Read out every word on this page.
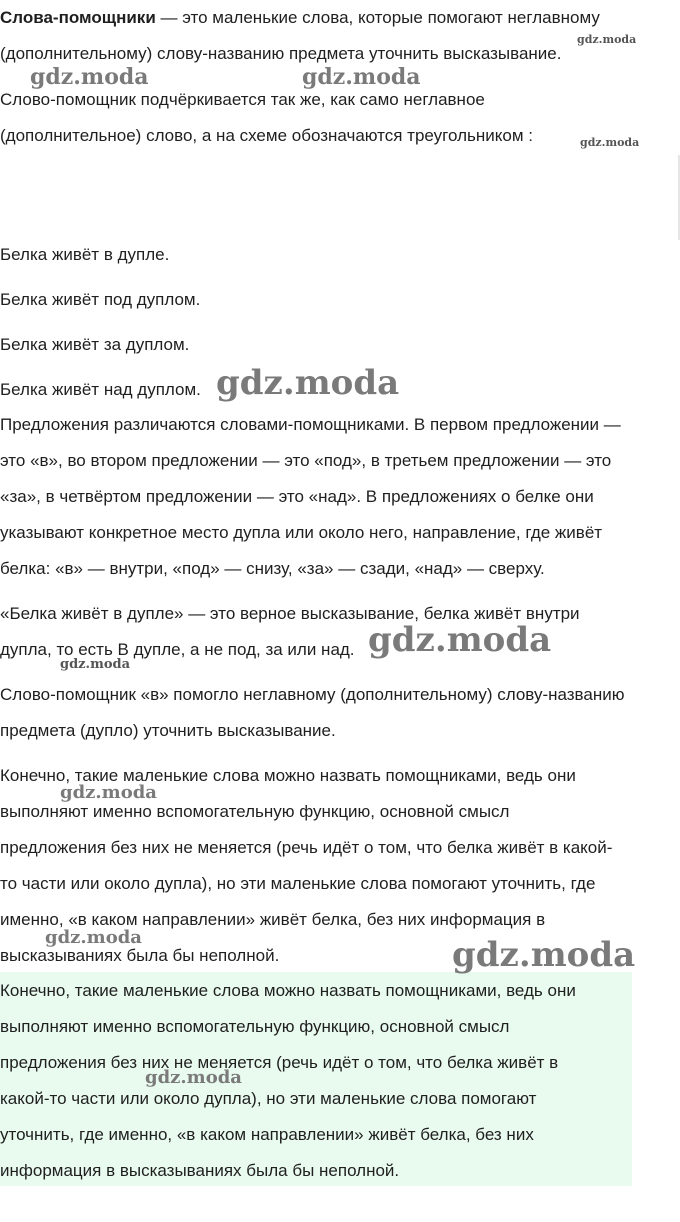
Слова-помощники — это маленькие слова, которые помогают неглавному
(дополнительному) слову-названию предмета уточнить высказывание.
Слово-помощник подчёркивается так же, как само неглавное
(дополнительное) слово, а на схеме обозначаются треугольником :
Белка живёт в дупле.
Белка живёт под дуплом.
Белка живёт за дуплом.
Белка живёт над дуплом.
Предложения различаются словами-помощниками. В первом предложении —
это «в», во втором предложении — это «под», в третьем предложении — это
«за», в четвёртом предложении — это «над». В предложениях о белке они
указывают конкретное место дупла или около него, направление, где живёт
белка: «в» — внутри, «под» — снизу, «за» — сзади, «над» — сверху.
«Белка живёт в дупле» — это верное высказывание, белка живёт внутри
дупла, то есть В дупле, а не под, за или над.
Слово-помощник «в» помогло неглавному (дополнительному) слову-названию
предмета (дупло) уточнить высказывание.
Конечно, такие маленькие слова можно назвать помощниками, ведь они
выполняют именно вспомогательную функцию, основной смысл
предложения без них не меняется (речь идёт о том, что белка живёт в какой-
то части или около дупла), но эти маленькие слова помогают уточнить, где
именно, «в каком направлении» живёт белка, без них информация в
высказываниях была бы неполной.
Конечно, такие маленькие слова можно назвать помощниками, ведь они
выполняют именно вспомогательную функцию, основной смысл
предложения без них не меняется (речь идёт о том, что белка живёт в
какой-то части или около дупла), но эти маленькие слова помогают
уточнить, где именно, «в каком направлении» живёт белка, без них
информация в высказываниях была бы неполной.
gdz.moda
gdz.moda	gdz.moda
gdz.moda
gdz.moda
gdz.moda
gdz.moda
gdz.moda
gdz.moda	gdz.moda
gdz.moda
